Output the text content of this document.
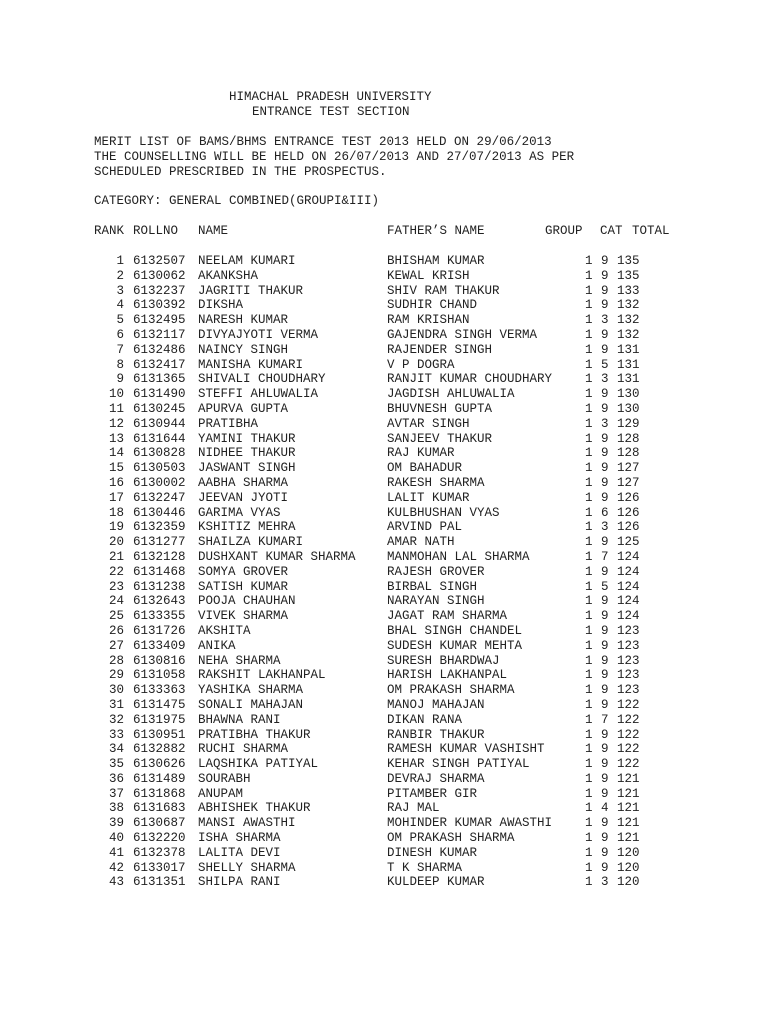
HIMACHAL PRADESH UNIVERSITY
ENTRANCE TEST SECTION
MERIT LIST OF BAMS/BHMS ENTRANCE TEST 2013 HELD ON 29/06/2013
THE COUNSELLING WILL BE HELD ON 26/07/2013 AND 27/07/2013 AS PER
SCHEDULED PRESCRIBED IN THE PROSPECTUS.
CATEGORY: GENERAL COMBINED(GROUPI&III)
RANK ROLLNO NAME	FATHER’S NAME	GROUP CAT TOTAL
1 6132507 NEELAM KUMARI	BHISHAM KUMAR	1 9 135
2 6130062 AKANKSHA	KEWAL KRISH	1 9 135
3 6132237 JAGRITI THAKUR	SHIV RAM THAKUR	1 9 133
4 6130392 DIKSHA	SUDHIR CHAND	1 9 132
5 6132495 NARESH KUMAR	RAM KRISHAN	1 3 132
6 6132117 DIVYAJYOTI VERMA	GAJENDRA SINGH VERMA	1 9 132
7 6132486 NAINCY SINGH	RAJENDER SINGH	1 9 131
8 6132417 MANISHA KUMARI	V P DOGRA	1 5 131
9 6131365 SHIVALI CHOUDHARY	RANJIT KUMAR CHOUDHARY	1 3 131
10 6131490 STEFFI AHLUWALIA	JAGDISH AHLUWALIA	1 9 130
11 6130245 APURVA GUPTA	BHUVNESH GUPTA	1 9 130
12 6130944 PRATIBHA	AVTAR SINGH	1 3 129
13 6131644 YAMINI THAKUR	SANJEEV THAKUR	1 9 128
14 6130828 NIDHEE THAKUR	RAJ KUMAR	1 9 128
15 6130503 JASWANT SINGH	OM BAHADUR	1 9 127
16 6130002 AABHA SHARMA	RAKESH SHARMA	1 9 127
17 6132247 JEEVAN JYOTI	LALIT KUMAR	1 9 126
18 6130446 GARIMA VYAS	KULBHUSHAN VYAS	1 6 126
19 6132359 KSHITIZ MEHRA	ARVIND PAL	1 3 126
20 6131277 SHAILZA KUMARI	AMAR NATH	1 9 125
21 6132128 DUSHXANT KUMAR SHARMA	MANMOHAN LAL SHARMA	1 7 124
22 6131468 SOMYA GROVER	RAJESH GROVER	1 9 124
23 6131238 SATISH KUMAR	BIRBAL SINGH	1 5 124
24 6132643 POOJA CHAUHAN	NARAYAN SINGH	1 9 124
25 6133355 VIVEK SHARMA	JAGAT RAM SHARMA	1 9 124
26 6131726 AKSHITA	BHAL SINGH CHANDEL	1 9 123
27 6133409 ANIKA	SUDESH KUMAR MEHTA	1 9 123
28 6130816 NEHA SHARMA	SURESH BHARDWAJ	1 9 123
29 6131058 RAKSHIT LAKHANPAL	HARISH LAKHANPAL	1 9 123
30 6133363 YASHIKA SHARMA	OM PRAKASH SHARMA	1 9 123
31 6131475 SONALI MAHAJAN	MANOJ MAHAJAN	1 9 122
32 6131975 BHAWNA RANI	DIKAN RANA	1 7 122
33 6130951 PRATIBHA THAKUR	RANBIR THAKUR	1 9 122
34 6132882 RUCHI SHARMA	RAMESH KUMAR VASHISHT	1 9 122
35 6130626 LAQSHIKA PATIYAL	KEHAR SINGH PATIYAL	1 9 122
36 6131489 SOURABH	DEVRAJ SHARMA	1 9 121
37 6131868 ANUPAM	PITAMBER GIR	1 9 121
38 6131683 ABHISHEK THAKUR	RAJ MAL	1 4 121
39 6130687 MANSI AWASTHI	MOHINDER KUMAR AWASTHI	1 9 121
40 6132220 ISHA SHARMA	OM PRAKASH SHARMA	1 9 121
41 6132378 LALITA DEVI	DINESH KUMAR	1 9 120
42 6133017 SHELLY SHARMA	T K SHARMA	1 9 120
43 6131351 SHILPA RANI	KULDEEP KUMAR	1 3 120
